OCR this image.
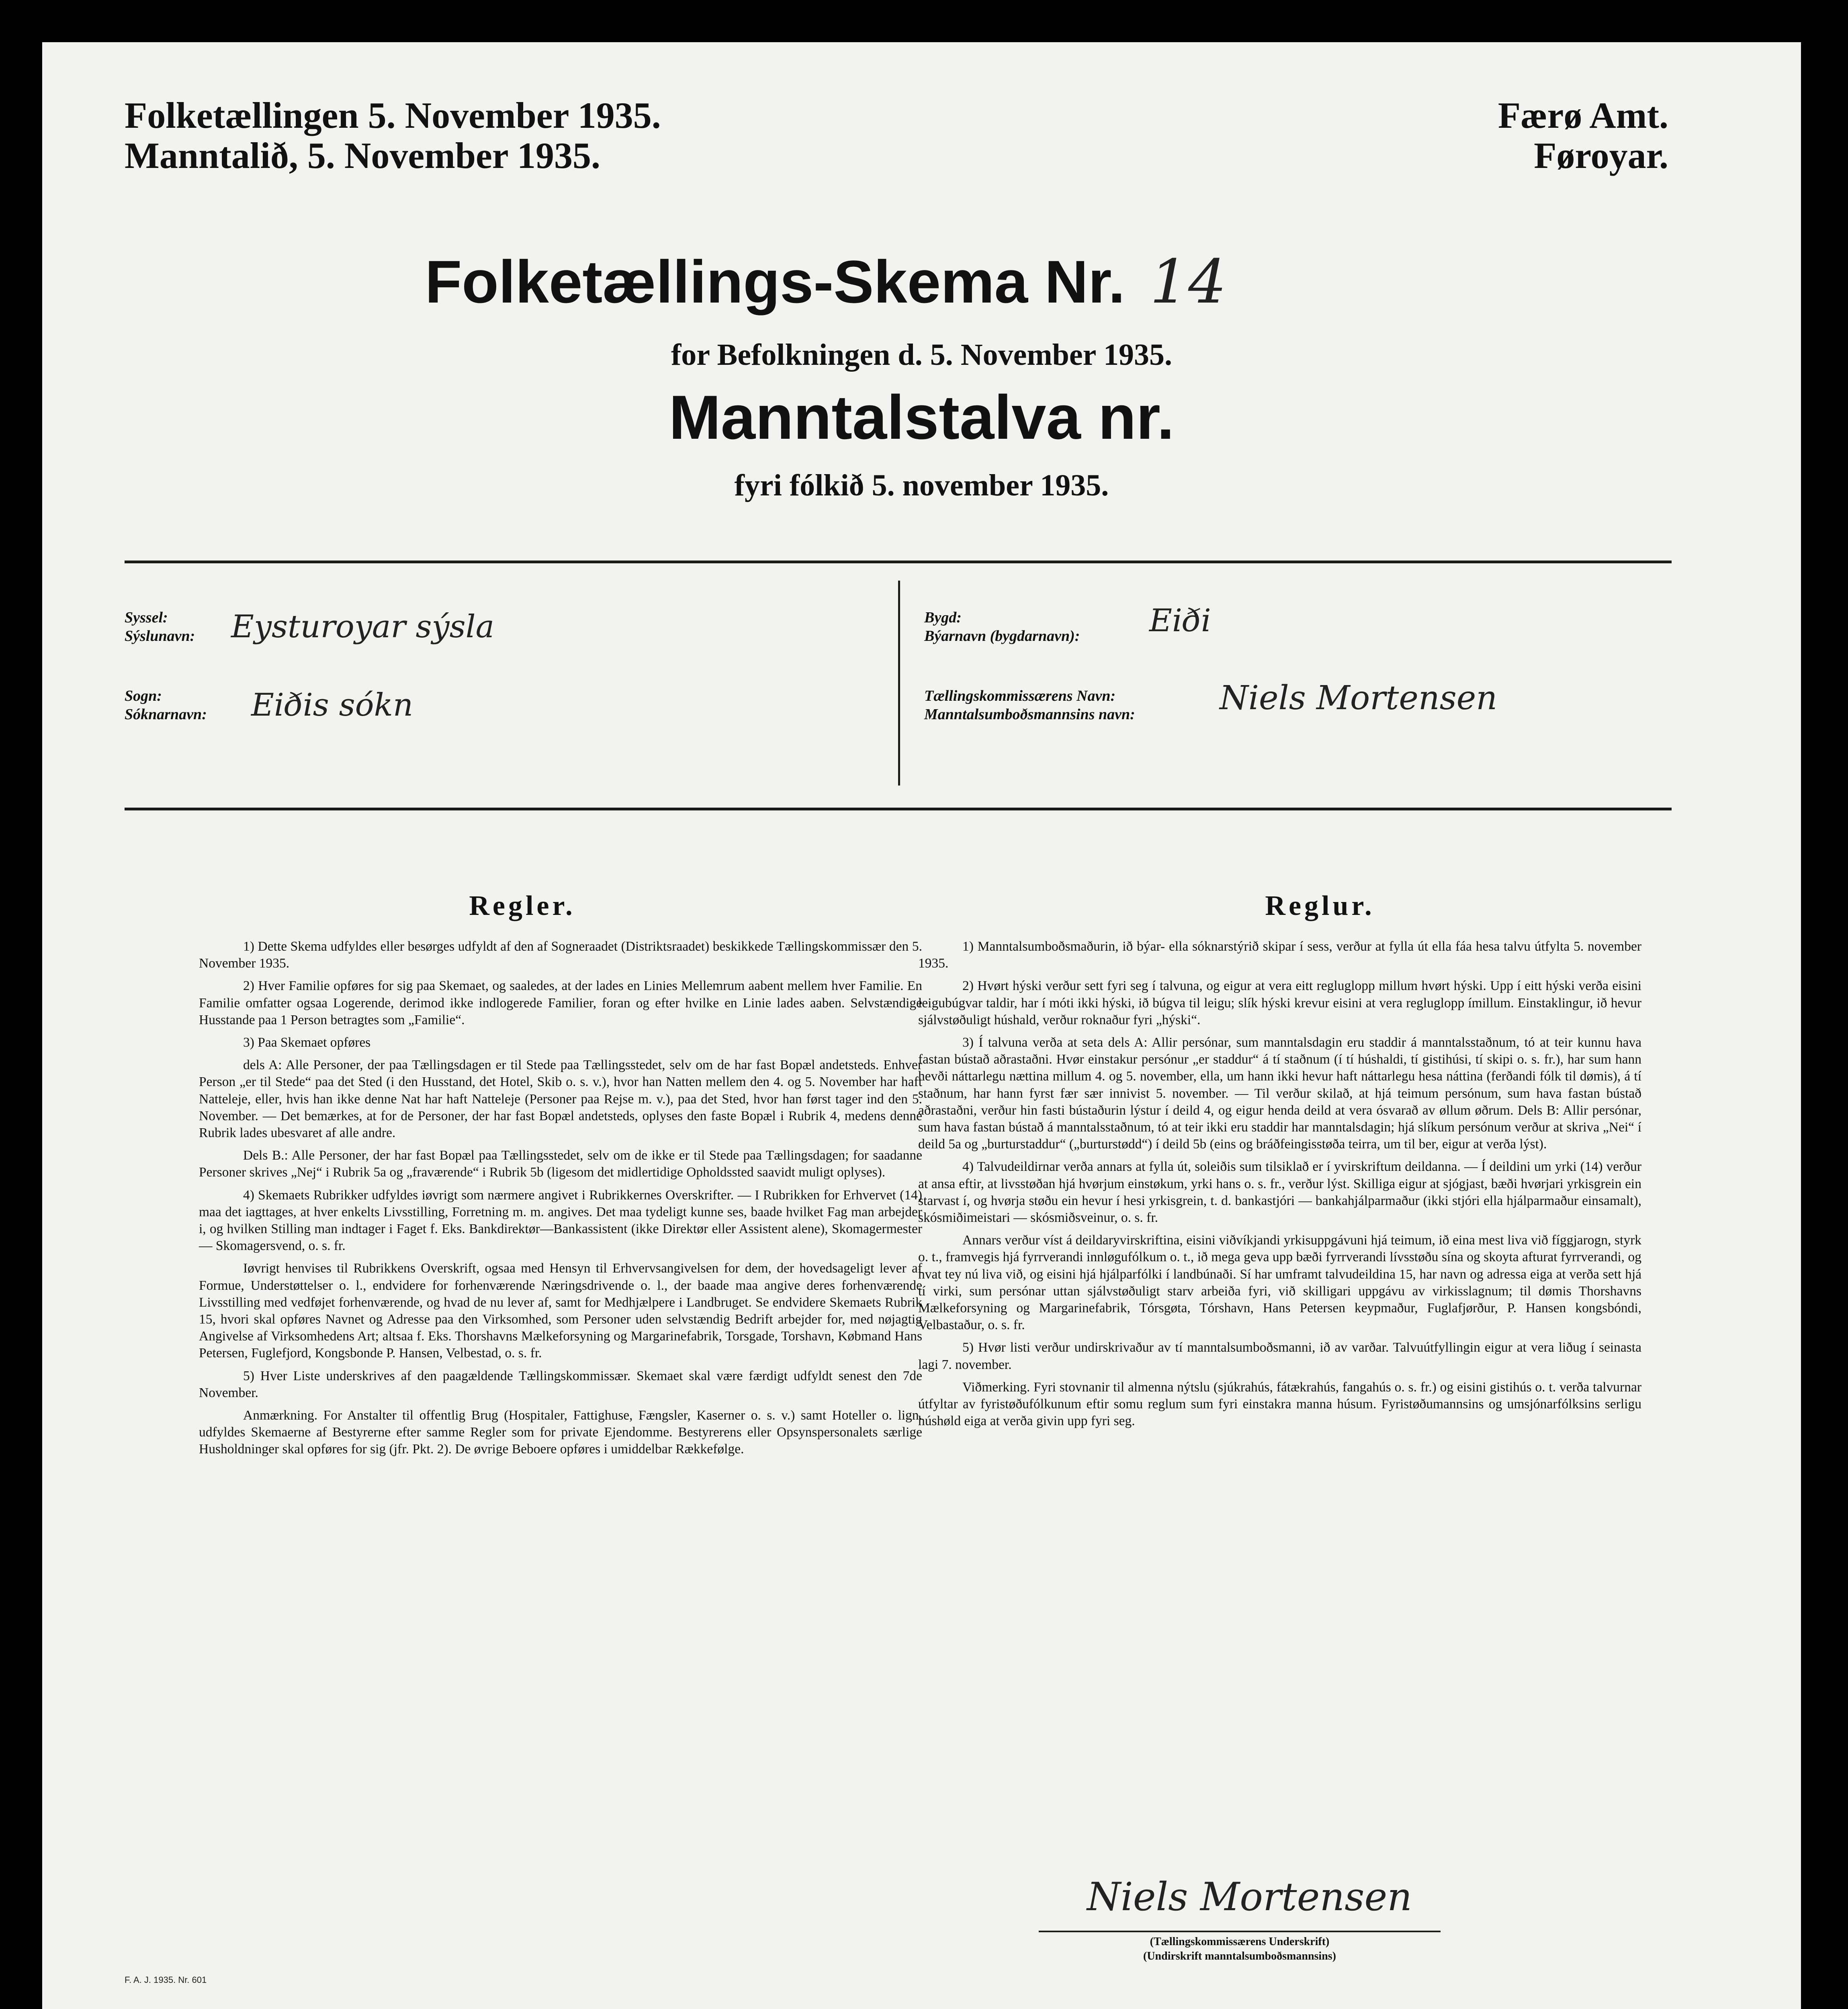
Folketællingen 5. November 1935.
Manntalið, 5. November 1935.
Færø Amt.
Føroyar.
Folketællings-Skema Nr. 14
for Befolkningen d. 5. November 1935.
Manntalstalva nr.
fyri fólkið 5. november 1935.
Syssel:
Sýslunavn: Eysturoyar sýsla
Sogn:
Sóknarnavn: Eiðis sókn
Bygd:
Býarnavn (bygdarnavn): Eiði
Tællingskommissærens Navn:
Manntalsumboðsmannsins navn:	Niels Mortensen
Regler.

1) Dette Skema udfyldes eller besørges udfyldt af den af Sogneraadet (Distriktsraadet) beskikkede Tællingskommissær den 5. November 1935.

2) Hver Familie opføres for sig paa Skemaet, og saaledes, at der lades en Linies Mellemrum aabent mellem hver Familie. En Familie omfatter ogsaa Logerende, derimod ikke indlogerede Familier, foran og efter hvilke en Linie lades aaben. Selvstændige Husstande paa 1 Person betragtes som „Familie“.

3) Paa Skemaet opføres

dels A: Alle Personer, der paa Tællingsdagen er til Stede paa Tællingsstedet, selv om de har fast Bopæl andetsteds. Enhver Person „er til Stede“ paa det Sted (i den Husstand, det Hotel, Skib o. s. v.), hvor han Natten mellem den 4. og 5. November har haft Natteleje, eller, hvis han ikke denne Nat har haft Natteleje (Personer paa Rejse m. v.), paa det Sted, hvor han først tager ind den 5. November. — Det bemærkes, at for de Personer, der har fast Bopæl andetsteds, oplyses den faste Bopæl i Rubrik 4, medens denne Rubrik lades ubesvaret af alle andre.

Dels B.: Alle Personer, der har fast Bopæl paa Tællingsstedet, selv om de ikke er til Stede paa Tællingsdagen; for saadanne Personer skrives „Nej“ i Rubrik 5a og „fraværende“ i Rubrik 5b (ligesom det midlertidige Opholdssted saavidt muligt oplyses).

4) Skemaets Rubrikker udfyldes iøvrigt som nærmere angivet i Rubrikkernes Overskrifter. — I Rubrikken for Erhvervet (14) maa det iagttages, at hver enkelts Livsstilling, Forretning m. m. angives. Det maa tydeligt kunne ses, baade hvilket Fag man arbejder i, og hvilken Stilling man indtager i Faget f. Eks. Bankdirektør—Bankassistent (ikke Direktør eller Assistent alene), Skomagermester — Skomagersvend, o. s. fr.

Iøvrigt henvises til Rubrikkens Overskrift, ogsaa med Hensyn til Erhvervsangivelsen for dem, der hovedsageligt lever af Formue, Understøttelser o. l., endvidere for forhenværende Næringsdrivende o. l., der baade maa angive deres forhenværende Livsstilling med vedføjet forhenværende, og hvad de nu lever af, samt for Medhjælpere i Landbruget. Se endvidere Skemaets Rubrik 15, hvori skal opføres Navnet og Adresse paa den Virksomhed, som Personer uden selvstændig Bedrift arbejder for, med nøjagtig Angivelse af Virksomhedens Art; altsaa f. Eks. Thorshavns Mælkeforsyning og Margarinefabrik, Torsgade, Torshavn, Købmand Hans Petersen, Fuglefjord, Kongsbonde P. Hansen, Velbestad, o. s. fr.

5) Hver Liste underskrives af den paagældende Tællingskommissær. Skemaet skal være færdigt udfyldt senest den 7de November.

Anmærkning. For Anstalter til offentlig Brug (Hospitaler, Fattighuse, Fængsler, Kaserner o. s. v.) samt Hoteller o. lign. udfyldes Skemaerne af Bestyrerne efter samme Regler som for private Ejendomme. Bestyrerens eller Opsynspersonalets særlige Husholdninger skal opføres for sig (jfr. Pkt. 2). De øvrige Beboere opføres i umiddelbar Rækkefølge.

Reglur.

1) Manntalsumboðsmaðurin, ið býar- ella sóknarstýrið skipar í sess, verður at fylla út ella fáa hesa talvu útfylta 5. november 1935.

2) Hvørt hýski verður sett fyri seg í talvuna, og eigur at vera eitt regluglopp millum hvørt hýski. Upp í eitt hýski verða eisini leigubúgvar taldir, har í móti ikki hýski, ið búgva til leigu; slík hýski krevur eisini at vera regluglopp ímillum. Einstaklingur, ið hevur sjálvstøðuligt húshald, verður roknaður fyri „hýski“.

3) Í talvuna verða at seta dels A: Allir persónar, sum manntalsdagin eru staddir á manntalsstaðnum, tó at teir kunnu hava fastan bústað aðrastaðni. Hvør einstakur persónur „er staddur“ á tí staðnum (í tí húshaldi, tí gistihúsi, tí skipi o. s. fr.), har sum hann hevði náttarlegu nættina millum 4. og 5. november, ella, um hann ikki hevur haft náttarlegu hesa náttina (ferðandi fólk til dømis), á tí staðnum, har hann fyrst fær sær innivist 5. november. — Til verður skilað, at hjá teimum persónum, sum hava fastan bústað aðrastaðni, verður hin fasti bústaðurin lýstur í deild 4, og eigur henda deild at vera ósvarað av øllum øðrum. Dels B: Allir persónar, sum hava fastan bústað á manntalsstaðnum, tó at teir ikki eru staddir har manntalsdagin; hjá slíkum persónum verður at skriva „Nei“ í deild 5a og „burturstaddur“ („burturstødd“) í deild 5b (eins og bráðfeingisstøða teirra, um til ber, eigur at verða lýst).

4) Talvudeildirnar verða annars at fylla út, soleiðis sum tilsiklað er í yvirskriftum deildanna. — Í deildini um yrki (14) verður at ansa eftir, at livsstøðan hjá hvørjum einstøkum, yrki hans o. s. fr., verður lýst. Skilliga eigur at sjógjast, bæði hvørjari yrkisgrein ein starvast í, og hvørja støðu ein hevur í hesi yrkisgrein, t. d. bankastjóri — bankahjálparmaður (ikki stjóri ella hjálparmaður einsamalt), skósmiðimeistari — skósmiðsveinur, o. s. fr.

Annars verður víst á deildaryvirskriftina, eisini viðvíkjandi yrkisuppgávuni hjá teimum, ið eina mest liva við fíggjarogn, styrk o. t., framvegis hjá fyrrverandi innløgufólkum o. t., ið mega geva upp bæði fyrrverandi lívsstøðu sína og skoyta afturat fyrrverandi, og hvat tey nú liva við, og eisini hjá hjálparfólki í landbúnaði. Sí har umframt talvudeildina 15, har navn og adressa eiga at verða sett hjá tí virki, sum persónar uttan sjálvstøðuligt starv arbeiða fyri, við skilligari uppgávu av virkisslagnum; til dømis Thorshavns Mælkeforsyning og Margarinefabrik, Tórsgøta, Tórshavn, Hans Petersen keypmaður, Fuglafjørður, P. Hansen kongsbóndi, Velbastaður, o. s. fr.

5) Hvør listi verður undirskrivaður av tí manntalsumboðsmanni, ið av varðar. Talvuútfyllingin eigur at vera liðug í seinasta lagi 7. november.

Viðmerking. Fyri stovnanir til almenna nýtslu (sjúkrahús, fátækrahús, fangahús o. s. fr.) og eisini gistihús o. t. verða talvurnar útfyltar av fyristøðufólkunum eftir somu reglum sum fyri einstakra manna húsum. Fyristøðumannsins og umsjónarfólksins serligu húshøld eiga at verða givin upp fyri seg.

Niels Mortensen
(Tællingskommissærens Underskrift)
(Undirskrift manntalsumboðsmannsins)
F. A. J. 1935. Nr. 601
